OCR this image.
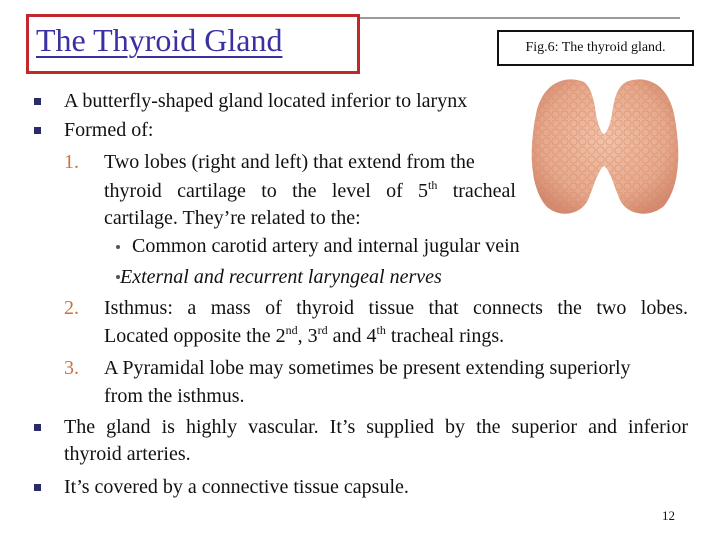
The Thyroid Gland	Fig.6: The thyroid gland.
A butterfly-shaped gland located inferior to larynx
Formed of:
1. Two lobes (right and left) that extend from the
thyroid cartilage to the level of 5th tracheal
cartilage. They’re related to the:
Common carotid artery and internal jugular vein
External and recurrent laryngeal nerves
2. Isthmus: a mass of thyroid tissue that connects the two lobes.
Located opposite the 2nd, 3rd and 4th tracheal rings.
3. A Pyramidal lobe may sometimes be present extending superiorly
from the isthmus.
The gland is highly vascular. It’s supplied by the superior and inferior
thyroid arteries.
It’s covered by a connective tissue capsule.
12
